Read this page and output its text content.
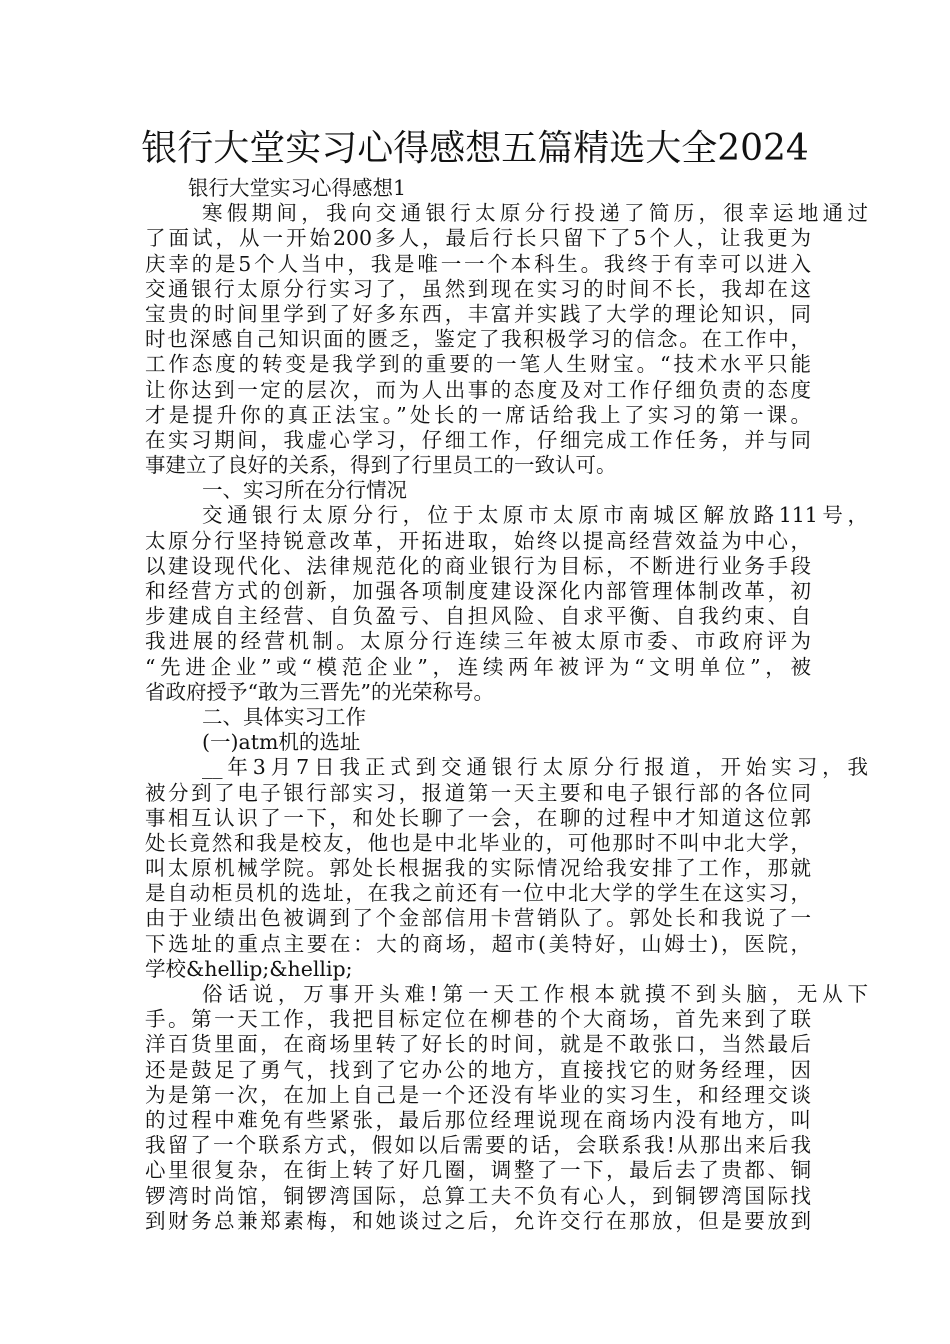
银行大堂实习心得感想五篇精选大全2024
银行大堂实习心得感想1
寒假期间，我向交通银行太原分行投递了简历，很幸运地通过
了面试，从一开始200多人，最后行长只留下了5个人，让我更为
庆幸的是5个人当中，我是唯一一个本科生。我终于有幸可以进入
交通银行太原分行实习了，虽然到现在实习的时间不长，我却在这
宝贵的时间里学到了好多东西，丰富并实践了大学的理论知识，同
时也深感自己知识面的匮乏，鉴定了我积极学习的信念。在工作中，
工作态度的转变是我学到的重要的一笔人生财宝。“技术水平只能
让你达到一定的层次，而为人出事的态度及对工作仔细负责的态度
才是提升你的真正法宝。”处长的一席话给我上了实习的第一课。
在实习期间，我虚心学习，仔细工作，仔细完成工作任务，并与同
事建立了良好的关系，得到了行里员工的一致认可。
一、实习所在分行情况
交通银行太原分行，位于太原市太原市南城区解放路111号，
太原分行坚持锐意改革，开拓进取，始终以提高经营效益为中心，
以建设现代化、法律规范化的商业银行为目标，不断进行业务手段
和经营方式的创新，加强各项制度建设深化内部管理体制改革，初
步建成自主经营、自负盈亏、自担风险、自求平衡、自我约束、自
我进展的经营机制。太原分行连续三年被太原市委、市政府评为
“先进企业”或“模范企业”，连续两年被评为“文明单位”，被
省政府授予“敢为三晋先”的光荣称号。
二、具体实习工作
(一)atm机的选址
__年3月7日我正式到交通银行太原分行报道，开始实习，我
被分到了电子银行部实习，报道第一天主要和电子银行部的各位同
事相互认识了一下，和处长聊了一会，在聊的过程中才知道这位郭
处长竟然和我是校友，他也是中北毕业的，可他那时不叫中北大学，
叫太原机械学院。郭处长根据我的实际情况给我安排了工作，那就
是自动柜员机的选址，在我之前还有一位中北大学的学生在这实习，
由于业绩出色被调到了个金部信用卡营销队了。郭处长和我说了一
下选址的重点主要在：大的商场，超市(美特好，山姆士)，医院，
学校&hellip;&hellip;
俗话说，万事开头难!第一天工作根本就摸不到头脑，无从下
手。第一天工作，我把目标定位在柳巷的个大商场，首先来到了联
洋百货里面，在商场里转了好长的时间，就是不敢张口，当然最后
还是鼓足了勇气，找到了它办公的地方，直接找它的财务经理，因
为是第一次，在加上自己是一个还没有毕业的实习生，和经理交谈
的过程中难免有些紧张，最后那位经理说现在商场内没有地方，叫
我留了一个联系方式，假如以后需要的话，会联系我!从那出来后我
心里很复杂，在街上转了好几圈，调整了一下，最后去了贵都、铜
锣湾时尚馆，铜锣湾国际，总算工夫不负有心人，到铜锣湾国际找
到财务总兼郑素梅，和她谈过之后，允许交行在那放，但是要放到
